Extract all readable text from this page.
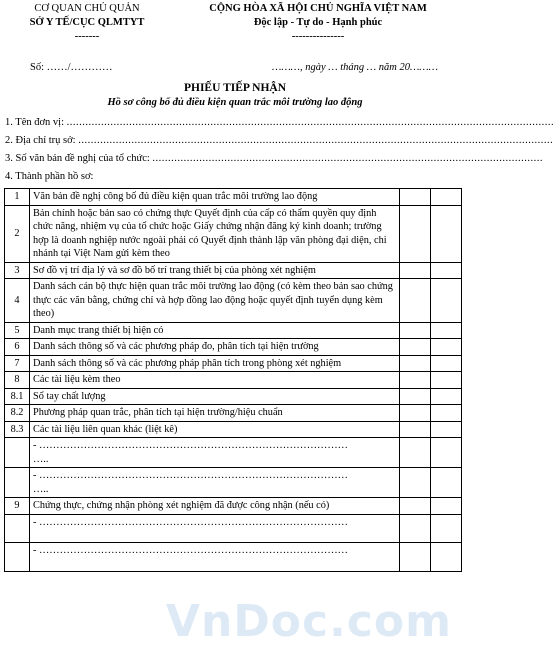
CƠ QUAN CHỦ QUẢN
SỞ Y TẾ/CỤC QLMTYT
-------
CỘNG HÒA XÃ HỘI CHỦ NGHĨA VIỆT NAM
Độc lập - Tự do - Hạnh phúc
---------------
Số: ……/…………	………, ngày … tháng … năm 20………
PHIẾU TIẾP NHẬN
Hồ sơ công bố đủ điều kiện quan trắc môi trường lao động
1. Tên đơn vị: ............................................................................................................................................................
2. Địa chỉ trụ sở: ........................................................................................................................................................
3. Số văn bản đề nghị của tổ chức: .............................................................................................................................
4. Thành phần hồ sơ:
1	Văn bản đề nghị công bố đủ điều kiện quan trắc môi trường lao động		
2	Bản chính hoặc bản sao có chứng thực Quyết định của cấp có thẩm quyền quy định chức năng, nhiệm vụ của tổ chức hoặc Giấy chứng nhận đăng ký kinh doanh; trường hợp là doanh nghiệp nước ngoài phải có Quyết định thành lập văn phòng đại diện, chi nhánh tại Việt Nam gửi kèm theo		
3	Sơ đồ vị trí địa lý và sơ đồ bố trí trang thiết bị của phòng xét nghiệm		
4	Danh sách cán bộ thực hiện quan trắc môi trường lao động (có kèm theo bản sao chứng thực các văn bằng, chứng chỉ và hợp đồng lao động hoặc quyết định tuyển dụng kèm theo)		
5	Danh mục trang thiết bị hiện có		
6	Danh sách thông số và các phương pháp đo, phân tích tại hiện trường		
7	Danh sách thông số và các phương pháp phân tích trong phòng xét nghiệm		
8	Các tài liệu kèm theo		
8.1	Sổ tay chất lượng		
8.2	Phương pháp quan trắc, phân tích tại hiện trường/hiệu chuẩn		
8.3	Các tài liệu liên quan khác (liệt kê)		

	- ………………………………………………………………………………
…..		

	- ………………………………………………………………………………
…..		

9	Chứng thực, chứng nhận phòng xét nghiệm đã được công nhận (nếu có)		

	- ………………………………………………………………………………		

	- ………………………………………………………………………………		

VnDoc.com
